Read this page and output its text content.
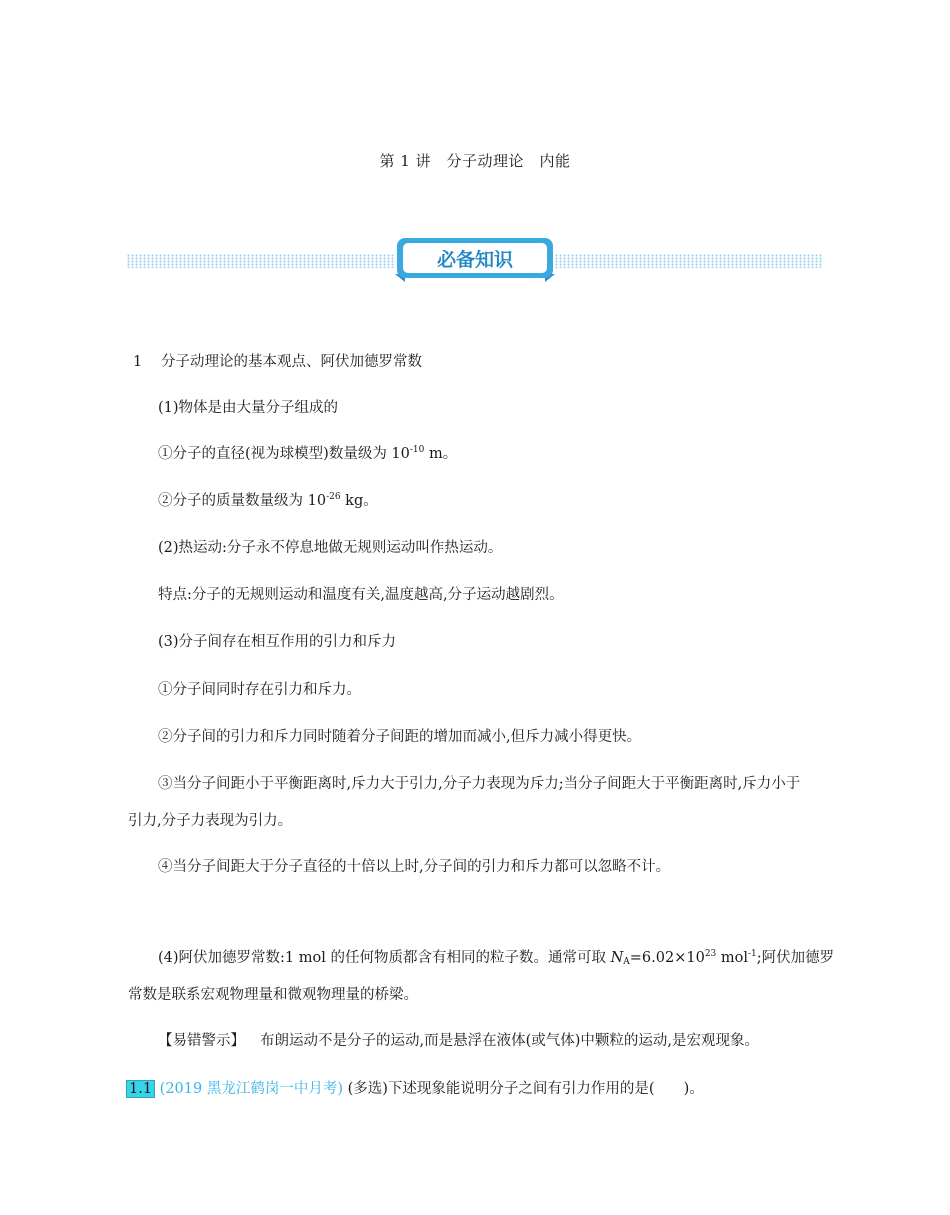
第 1 讲　分子动理论　内能
必备知识
1 分子动理论的基本观点、阿伏加德罗常数
(1)物体是由大量分子组成的
①分子的直径(视为球模型)数量级为 $10^{-10}$ m。
②分子的质量数量级为 $10^{-26}$ kg。
(2)热运动:分子永不停息地做无规则运动叫作热运动。
特点:分子的无规则运动和温度有关,温度越高,分子运动越剧烈。
(3)分子间存在相互作用的引力和斥力
①分子间同时存在引力和斥力。
②分子间的引力和斥力同时随着分子间距的增加而减小,但斥力减小得更快。
③当分子间距小于平衡距离时,斥力大于引力,分子力表现为斥力;当分子间距大于平衡距离时,斥力小于
引力,分子力表现为引力。
④当分子间距大于分子直径的十倍以上时,分子间的引力和斥力都可以忽略不计。
(4)阿伏加德罗常数:1 mol 的任何物质都含有相同的粒子数。通常可取 $N_A=6.02\times 10^{23}$ mol$^{-1}$;阿伏加德罗
常数是联系宏观物理量和微观物理量的桥梁。
【易错警示】 布朗运动不是分子的运动,而是悬浮在液体(或气体)中颗粒的运动,是宏观现象。
1.1 (2019 黑龙江鹤岗一中月考) (多选)下述现象能说明分子之间有引力作用的是(　　)。
